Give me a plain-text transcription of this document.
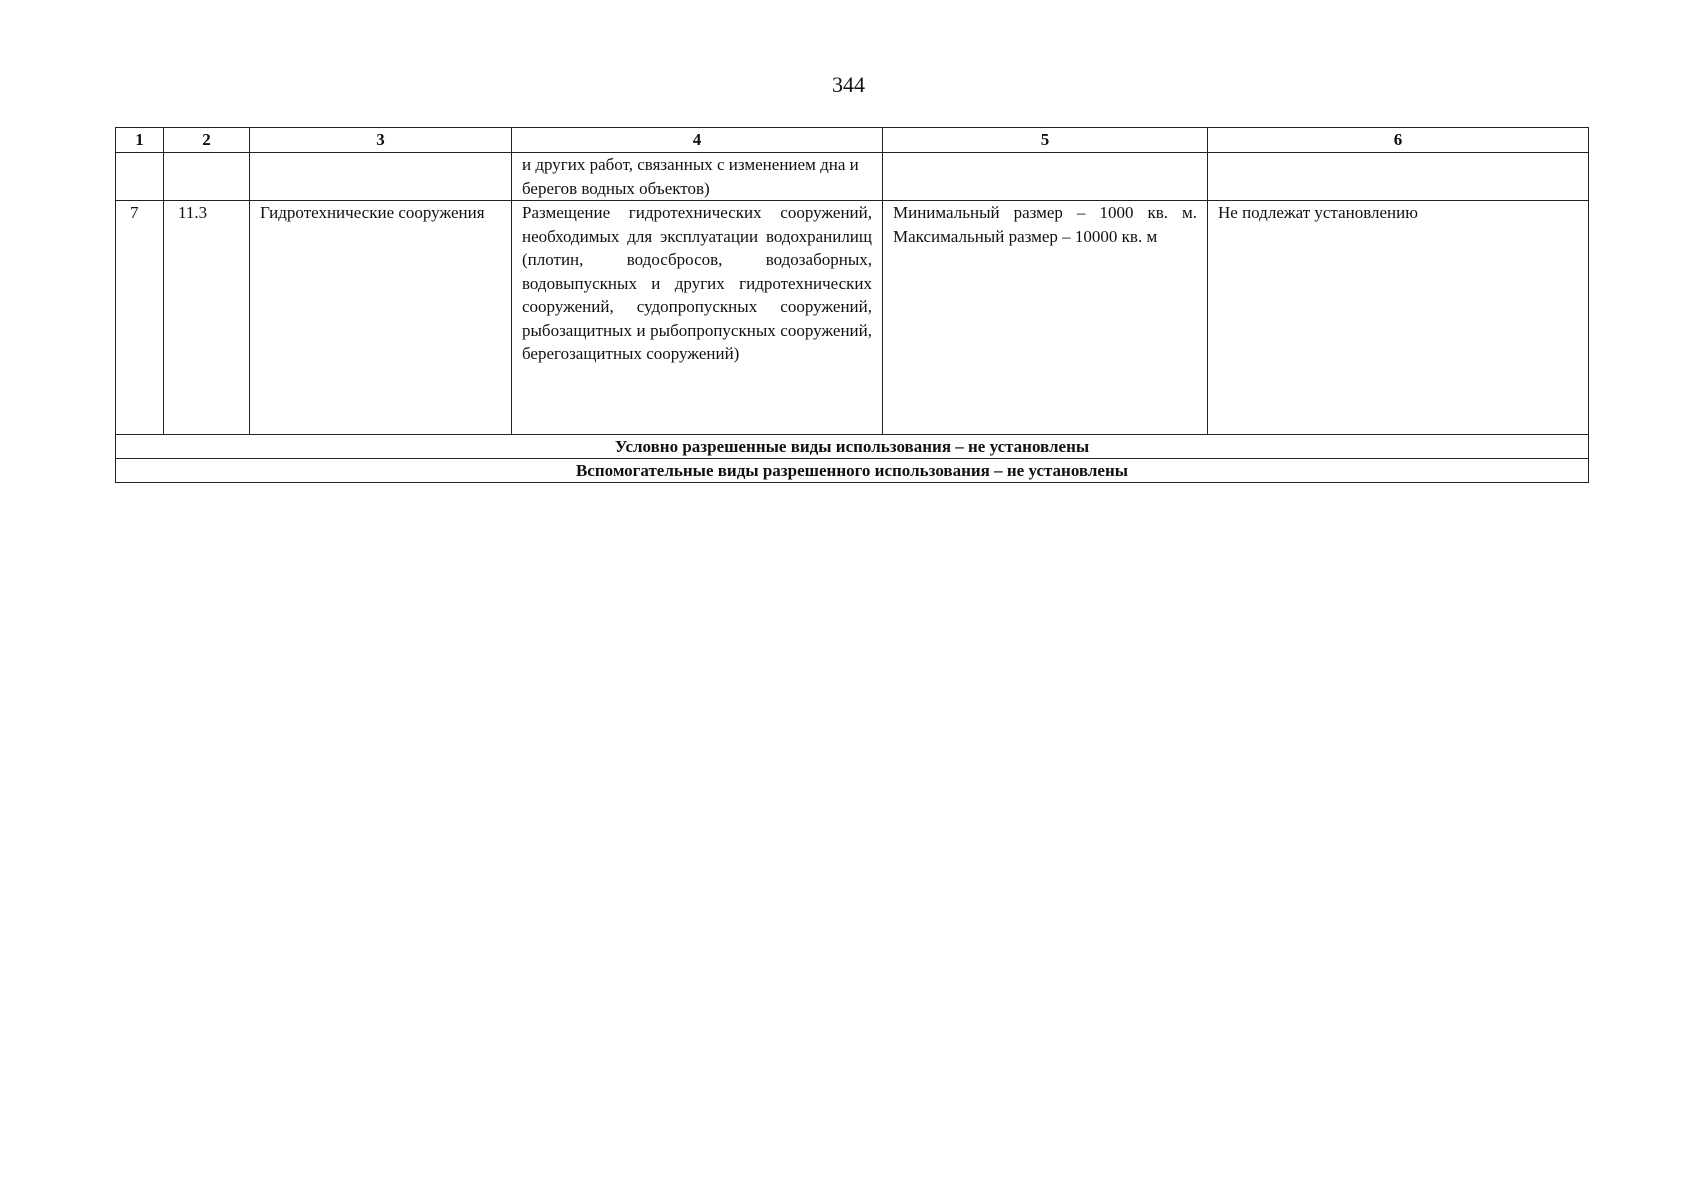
344
1	2	3	4	5	6
			и других работ, связанных с изменением дна и берегов водных объектов)		
7	11.3	Гидротехнические сооружения	Размещение гидротехнических сооружений, необходимых для эксплуатации водохранилищ (плотин, водосбросов, водозаборных, водовыпускных и других гидротехнических сооружений, судопропускных сооружений, рыбозащитных и рыбопропускных сооружений, берегозащитных сооружений)	Минимальный размер – 1000 кв. м. Максимальный размер – 10000 кв. м	Не подлежат установлению
Условно разрешенные виды использования – не установлены					
Вспомогательные виды разрешенного использования – не установлены					
